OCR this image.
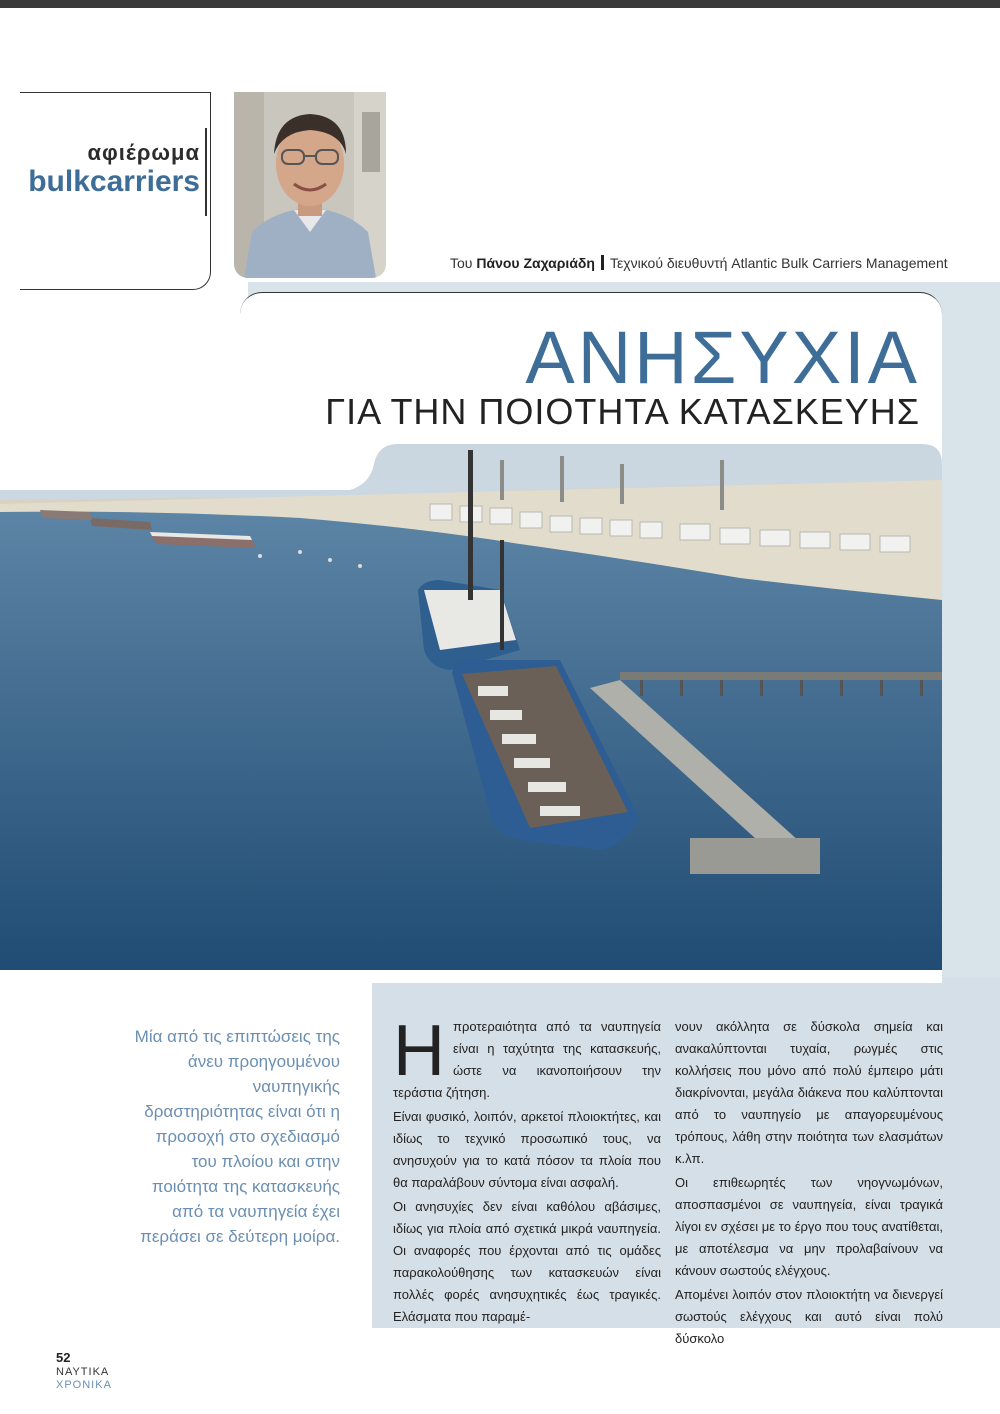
αφιέρωμα
bulkcarriers
Του Πάνου Ζαχαριάδη Τεχνικού διευθυντή Atlantic Bulk Carriers Management
ΑΝΗΣΥΧΙΑ
ΓΙΑ ΤΗΝ ΠΟΙΟΤΗΤΑ ΚΑΤΑΣΚΕΥΗΣ
Μία από τις επιπτώσεις της άνευ προηγουμένου ναυπηγικής δραστηριότητας είναι ότι η προσοχή στο σχεδιασμό του πλοίου και στην ποιότητα της κατασκευής από τα ναυπηγεία έχει περάσει σε δεύτερη μοίρα.
Η προτεραιότητα από τα ναυπηγεία είναι η ταχύτητα της κατασκευής, ώστε να ικανοποιήσουν την τεράστια ζήτηση.

Είναι φυσικό, λοιπόν, αρκετοί πλοιοκτήτες, και ιδίως το τεχνικό προσωπικό τους, να ανησυχούν για το κατά πόσον τα πλοία που θα παραλάβουν σύντομα είναι ασφαλή.

Οι ανησυχίες δεν είναι καθόλου αβάσιμες, ιδίως για πλοία από σχετικά μικρά ναυπηγεία. Οι αναφορές που έρχονται από τις ομάδες παρακολούθησης των κατασκευών είναι πολλές φορές ανησυχητικές έως τραγικές. Ελάσματα που παραμέ-

νουν ακόλλητα σε δύσκολα σημεία και ανακαλύπτονται τυχαία, ρωγμές στις κολλήσεις που μόνο από πολύ έμπειρο μάτι διακρίνονται, μεγάλα διάκενα που καλύπτονται από το ναυπηγείο με απαγορευμένους τρόπους, λάθη στην ποιότητα των ελασμάτων κ.λπ.

Οι επιθεωρητές των νηογνωμόνων, αποσπασμένοι σε ναυπηγεία, είναι τραγικά λίγοι εν σχέσει με το έργο που τους ανατίθεται, με αποτέλεσμα να μην προλαβαίνουν να κάνουν σωστούς ελέγχους.

Απομένει λοιπόν στον πλοιοκτήτη να διενεργεί σωστούς ελέγχους και αυτό είναι πολύ δύσκολο

52
ΝΑΥΤΙΚΑ
ΧΡΟΝΙΚΑ
